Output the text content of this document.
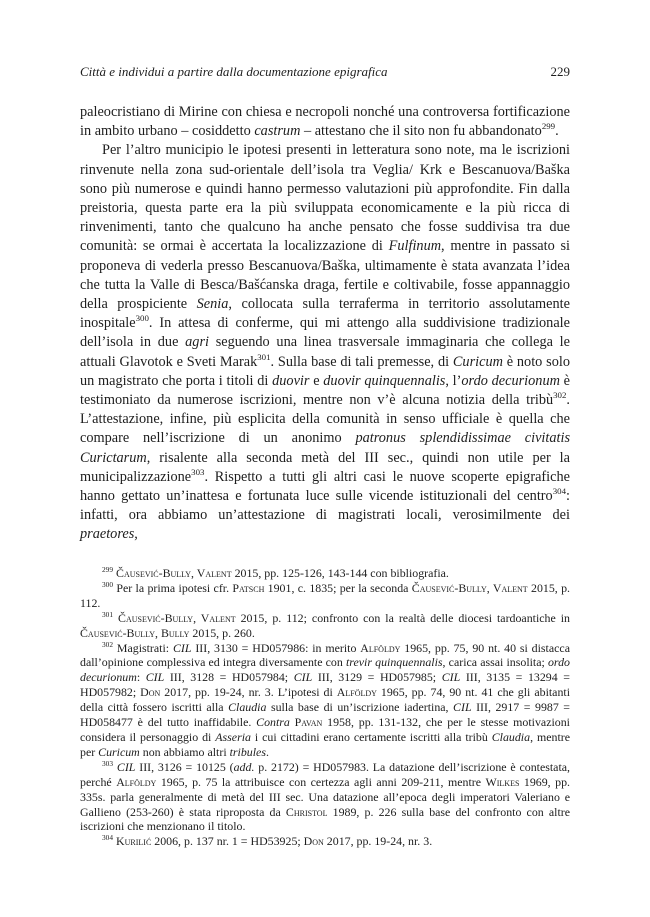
Città e individui a partire dalla documentazione epigrafica	229

paleocristiano di Mirine con chiesa e necropoli nonché una controversa fortificazione in ambito urbano – cosiddetto castrum – attestano che il sito non fu abbandonato$^{299}$.

Per l’altro municipio le ipotesi presenti in letteratura sono note, ma le iscrizioni rinvenute nella zona sud-orientale dell’isola tra Veglia/ Krk e Bescanuova/Baška sono più numerose e quindi hanno permesso valutazioni più approfondite. Fin dalla preistoria, questa parte era la più sviluppata economicamente e la più ricca di rinvenimenti, tanto che qualcuno ha anche pensato che fosse suddivisa tra due comunità: se ormai è accertata la localizzazione di Fulfinum, mentre in passato si proponeva di vederla presso Bescanuova/Baška, ultimamente è stata avanzata l’idea che tutta la Valle di Besca/Bašćanska draga, fertile e coltivabile, fosse appannaggio della prospiciente Senia, collocata sulla terraferma in territorio assolutamente inospitale$^{300}$. In attesa di conferme, qui mi attengo alla suddivisione tradizionale dell’isola in due agri seguendo una linea trasversale immaginaria che collega le attuali Glavotok e Sveti Marak$^{301}$. Sulla base di tali premesse, di Curicum è noto solo un magistrato che porta i titoli di duovir e duovir quinquennalis, l’ordo decurionum è testimoniato da numerose iscrizioni, mentre non v’è alcuna notizia della tribù$^{302}$. L’attestazione, infine, più esplicita della comunità in senso ufficiale è quella che compare nell’iscrizione di un anonimo patronus splendidissimae civitatis Curictarum, risalente alla seconda metà del III sec., quindi non utile per la municipalizzazione$^{303}$. Rispetto a tutti gli altri casi le nuove scoperte epigrafiche hanno gettato un’inattesa e fortunata luce sulle vicende istituzionali del centro$^{304}$: infatti, ora abbiamo un’attestazione di magistrati locali, verosimilmente dei praetores,

$^{299}$ Čausević-Bully, Valent 2015, pp. 125-126, 143-144 con bibliografia.

$^{300}$ Per la prima ipotesi cfr. Patsch 1901, c. 1835; per la seconda Čausević-Bully, Valent 2015, p. 112.

$^{301}$ Čausević-Bully, Valent 2015, p. 112; confronto con la realtà delle diocesi tardoantiche in Čausević-Bully, Bully 2015, p. 260.

$^{302}$ Magistrati: CIL III, 3130 = HD057986: in merito Alföldy 1965, pp. 75, 90 nt. 40 si distacca dall’opinione complessiva ed integra diversamente con trevir quinquennalis, carica assai insolita; ordo decurionum: CIL III, 3128 = HD057984; CIL III, 3129 = HD057985; CIL III, 3135 = 13294 = HD057982; Don 2017, pp. 19-24, nr. 3. L’ipotesi di Alföldy 1965, pp. 74, 90 nt. 41 che gli abitanti della città fossero iscritti alla Claudia sulla base di un’iscrizione iadertina, CIL III, 2917 = 9987 = HD058477 è del tutto inaffidabile. Contra Pavan 1958, pp. 131-132, che per le stesse motivazioni considera il personaggio di Asseria i cui cittadini erano certamente iscritti alla tribù Claudia, mentre per Curicum non abbiamo altri tribules.

$^{303}$ CIL III, 3126 = 10125 (add. p. 2172) = HD057983. La datazione dell’iscrizione è contestata, perché Alföldy 1965, p. 75 la attribuisce con certezza agli anni 209-211, mentre Wilkes 1969, pp. 335s. parla generalmente di metà del III sec. Una datazione all’epoca degli imperatori Valeriano e Gallieno (253-260) è stata riproposta da Christol 1989, p. 226 sulla base del confronto con altre iscrizioni che menzionano il titolo.

$^{304}$ Kurilić 2006, p. 137 nr. 1 = HD53925; Don 2017, pp. 19-24, nr. 3.
